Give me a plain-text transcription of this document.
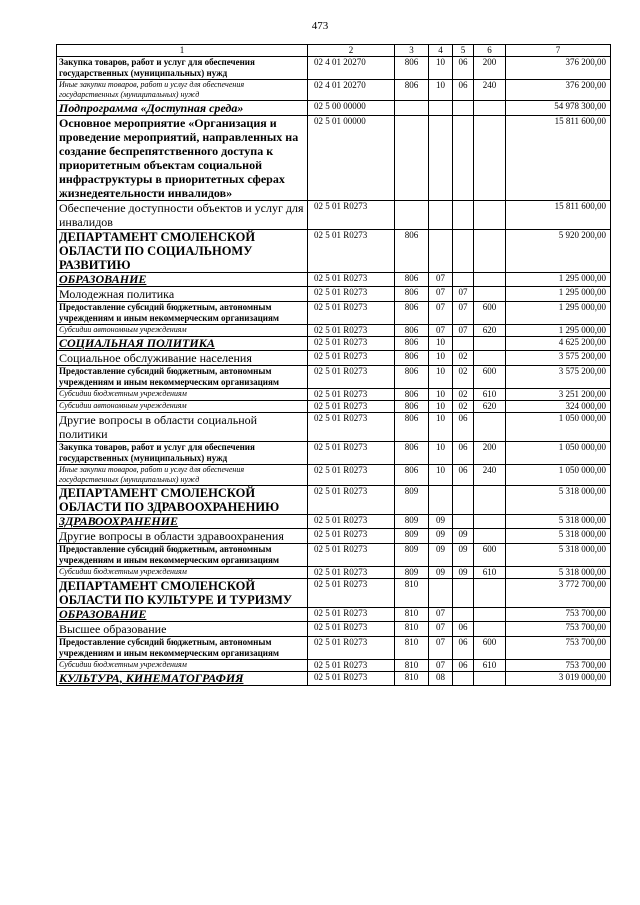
473
1	2	3	4	5	6	7
Закупка товаров, работ и услуг для обеспечения государственных (муниципальных) нужд	02 4 01 20270	806	10	06	200	376 200,00
Иные закупки товаров, работ и услуг для обеспечения государственных (муниципальных) нужд	02 4 01 20270	806	10	06	240	376 200,00
Подпрограмма «Доступная среда»	02 5 00 00000					54 978 300,00
Основное мероприятие «Организация и проведение мероприятий, направленных на создание беспрепятственного доступа к приоритетным объектам социальной инфраструктуры в приоритетных сферах жизнедеятельности инвалидов»	02 5 01 00000					15 811 600,00
Обеспечение доступности объектов и услуг для инвалидов	02 5 01 R0273					15 811 600,00
ДЕПАРТАМЕНТ СМОЛЕНСКОЙ ОБЛАСТИ ПО СОЦИАЛЬНОМУ РАЗВИТИЮ	02 5 01 R0273	806				5 920 200,00
ОБРАЗОВАНИЕ	02 5 01 R0273	806	07			1 295 000,00
Молодежная политика	02 5 01 R0273	806	07	07		1 295 000,00
Предоставление субсидий бюджетным, автономным учреждениям и иным некоммерческим организациям	02 5 01 R0273	806	07	07	600	1 295 000,00
Субсидии автономным учреждениям	02 5 01 R0273	806	07	07	620	1 295 000,00
СОЦИАЛЬНАЯ ПОЛИТИКА	02 5 01 R0273	806	10			4 625 200,00
Социальное обслуживание населения	02 5 01 R0273	806	10	02		3 575 200,00
Предоставление субсидий бюджетным, автономным учреждениям и иным некоммерческим организациям	02 5 01 R0273	806	10	02	600	3 575 200,00
Субсидии бюджетным учреждениям	02 5 01 R0273	806	10	02	610	3 251 200,00
Субсидии автономным учреждениям	02 5 01 R0273	806	10	02	620	324 000,00
Другие вопросы в области социальной политики	02 5 01 R0273	806	10	06		1 050 000,00
Закупка товаров, работ и услуг для обеспечения государственных (муниципальных) нужд	02 5 01 R0273	806	10	06	200	1 050 000,00
Иные закупки товаров, работ и услуг для обеспечения государственных (муниципальных) нужд	02 5 01 R0273	806	10	06	240	1 050 000,00
ДЕПАРТАМЕНТ СМОЛЕНСКОЙ ОБЛАСТИ ПО ЗДРАВООХРАНЕНИЮ	02 5 01 R0273	809				5 318 000,00
ЗДРАВООХРАНЕНИЕ	02 5 01 R0273	809	09			5 318 000,00
Другие вопросы в области здравоохранения	02 5 01 R0273	809	09	09		5 318 000,00
Предоставление субсидий бюджетным, автономным учреждениям и иным некоммерческим организациям	02 5 01 R0273	809	09	09	600	5 318 000,00
Субсидии бюджетным учреждениям	02 5 01 R0273	809	09	09	610	5 318 000,00
ДЕПАРТАМЕНТ СМОЛЕНСКОЙ ОБЛАСТИ ПО КУЛЬТУРЕ И ТУРИЗМУ	02 5 01 R0273	810				3 772 700,00
ОБРАЗОВАНИЕ	02 5 01 R0273	810	07			753 700,00
Высшее образование	02 5 01 R0273	810	07	06		753 700,00
Предоставление субсидий бюджетным, автономным учреждениям и иным некоммерческим организациям	02 5 01 R0273	810	07	06	600	753 700,00
Субсидии бюджетным учреждениям	02 5 01 R0273	810	07	06	610	753 700,00
КУЛЬТУРА, КИНЕМАТОГРАФИЯ	02 5 01 R0273	810	08			3 019 000,00
